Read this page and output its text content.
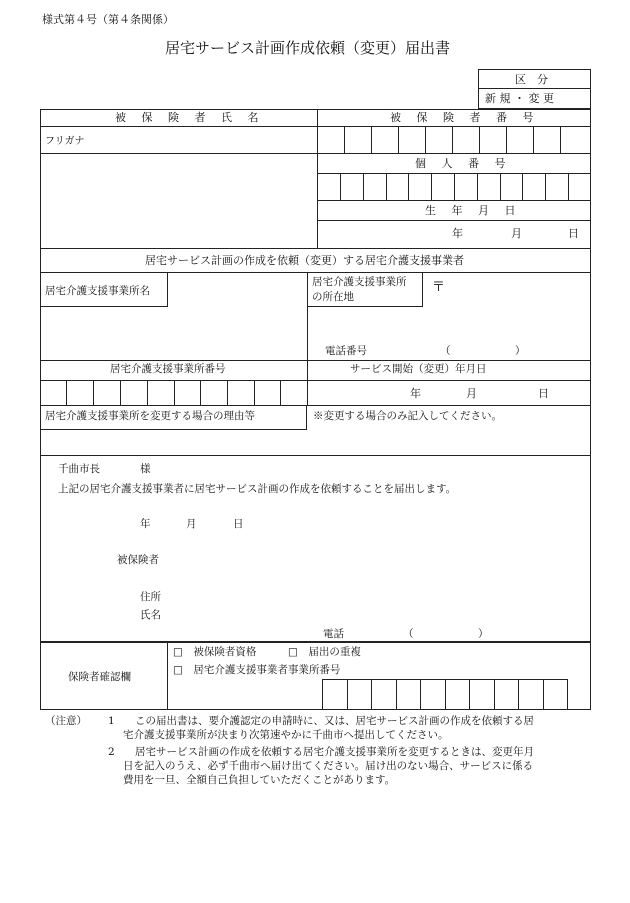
様式第４号（第４条関係）
居宅サービス計画作成依頼（変更）届出書
区　分
新 規 ・ 変 更
被 保 険 者 氏 名	被 保 険 者 番 号
フリガナ
個 人 番 号
生 年 月 日
年	月	日
居宅サービス計画の作成を依頼（変更）する居宅介護支援事業者
居宅介護支援事業所名
居宅介護支援事業所
の所在地
〒
電話番号	（	）
居宅介護支援事業所番号	サービス開始（変更）年月日
年	月	日
居宅介護支援事業所を変更する場合の理由等	※変更する場合のみ記入してください。
千曲市長	様
上記の居宅介護支援事業者に居宅サービス計画の作成を依頼することを届出します。
年	月	日
被保険者
住所
氏名
電話	（	）
保険者確認欄
□　被保険者資格	□　届出の重複
□　居宅介護支援事業者事業所番号
（注意） 1 この届出書は、要介護認定の申請時に、又は、居宅サービス計画の作成を依頼する居
宅介護支援事業所が決まり次第速やかに千曲市へ提出してください。
2 居宅サービス計画の作成を依頼する居宅介護支援事業所を変更するときは、変更年月
日を記入のうえ、必ず千曲市へ届け出てください。届け出のない場合、サービスに係る
費用を一旦、全額自己負担していただくことがあります。
